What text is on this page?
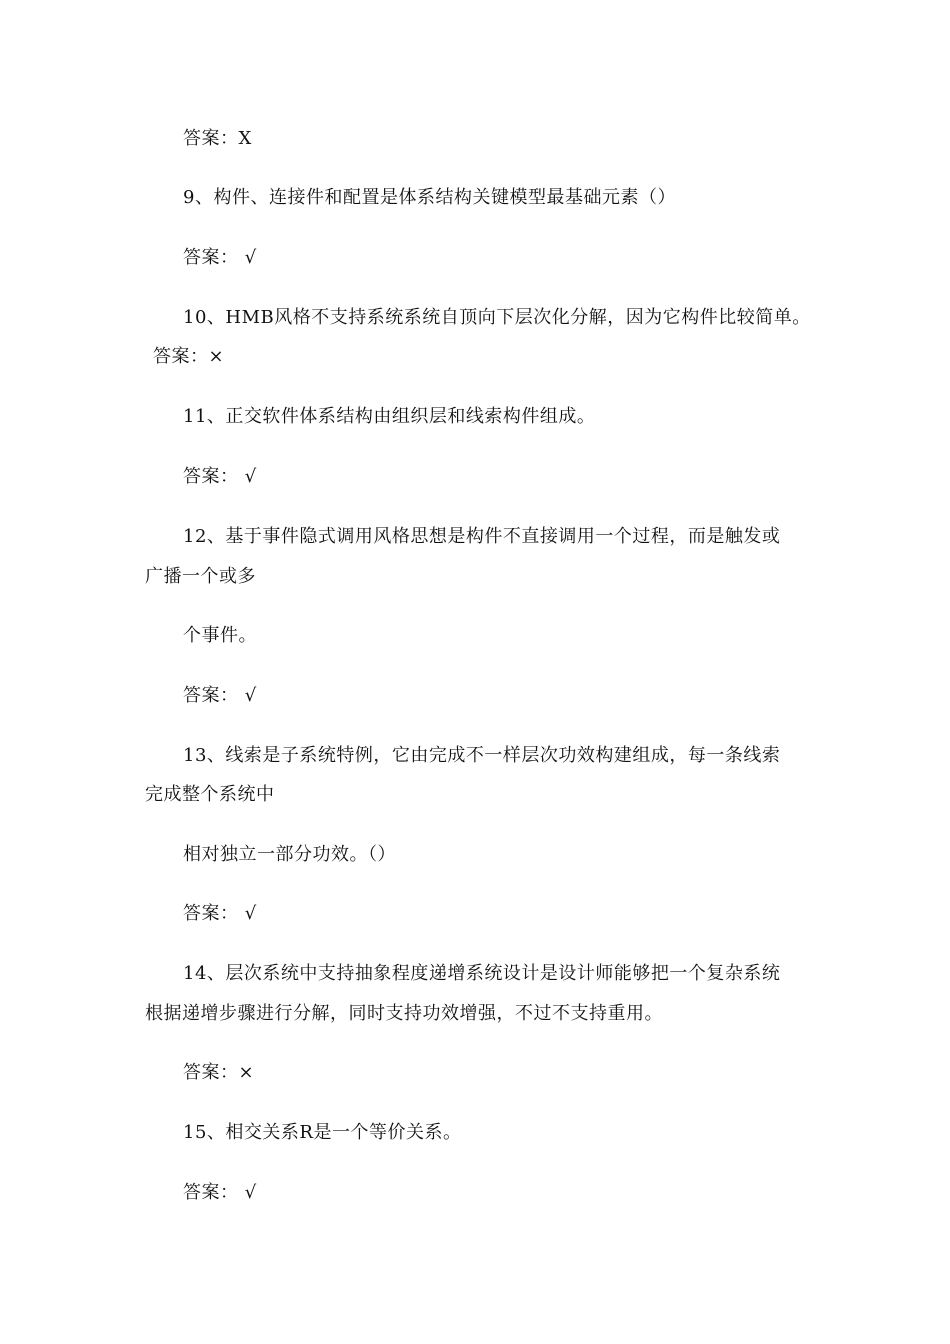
答案：X
9、构件、连接件和配置是体系结构关键模型最基础元素（）
答案： √
10、HMB风格不支持系统系统自顶向下层次化分解，因为它构件比较简单。
答案：×
11、正交软件体系结构由组织层和线索构件组成。
答案： √
12、基于事件隐式调用风格思想是构件不直接调用一个过程，而是触发或
广播一个或多
个事件。
答案： √
13、线索是子系统特例，它由完成不一样层次功效构建组成，每一条线索
完成整个系统中
相对独立一部分功效。（）
答案： √
14、层次系统中支持抽象程度递增系统设计是设计师能够把一个复杂系统
根据递增步骤进行分解，同时支持功效增强，不过不支持重用。
答案：×
15、相交关系R是一个等价关系。
答案： √
